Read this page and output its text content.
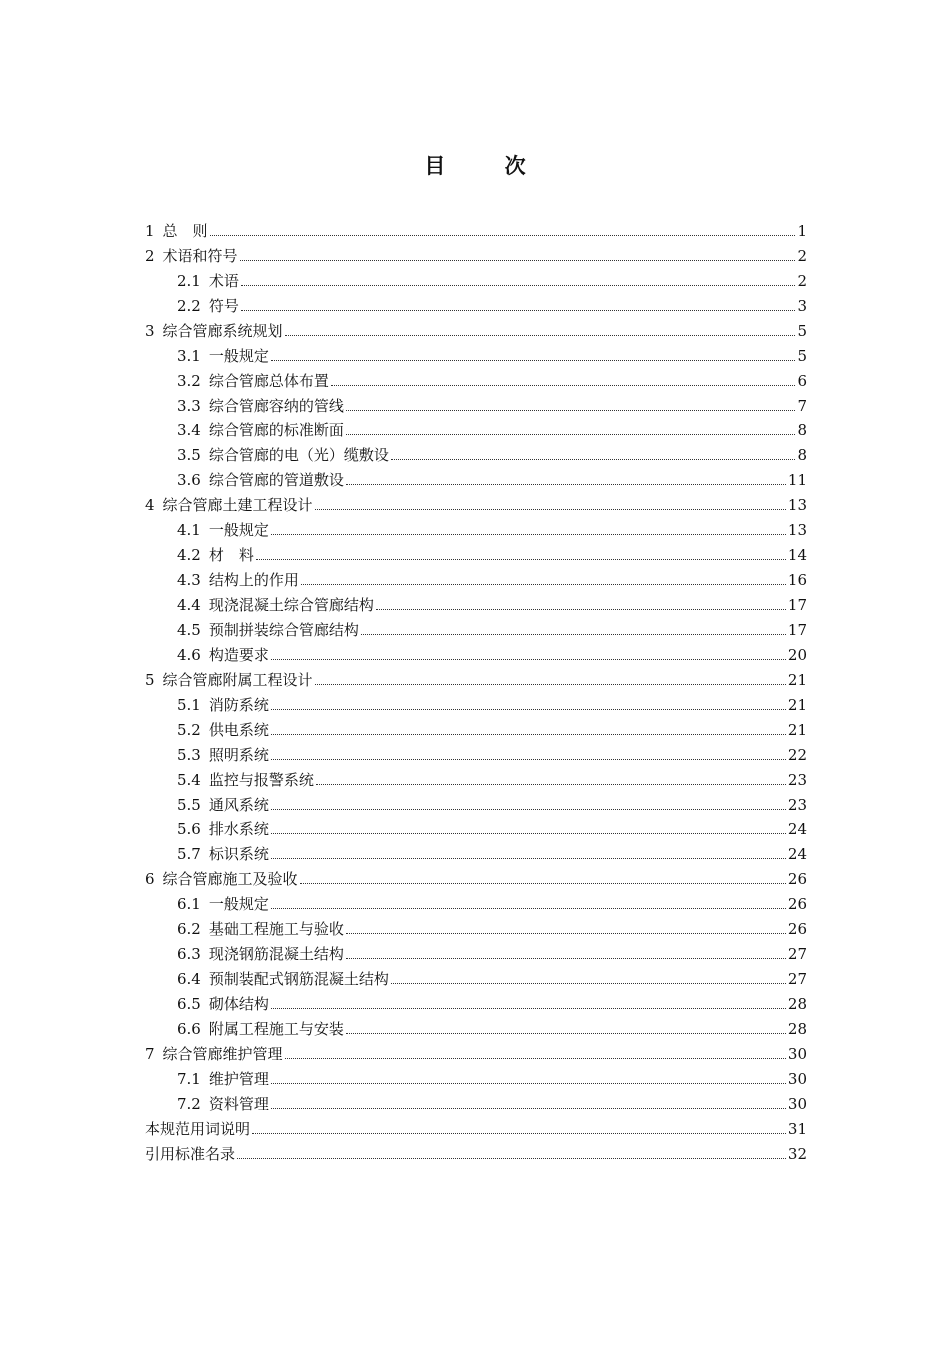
目 次
1 总　则	1
2 术语和符号	2
2.1 术语	2
2.2 符号	3
3 综合管廊系统规划	5
3.1 一般规定	5
3.2 综合管廊总体布置	6
3.3 综合管廊容纳的管线	7
3.4 综合管廊的标准断面	8
3.5 综合管廊的电（光）缆敷设	8
3.6 综合管廊的管道敷设	11
4 综合管廊土建工程设计	13
4.1 一般规定	13
4.2 材　料	14
4.3 结构上的作用	16
4.4 现浇混凝土综合管廊结构	17
4.5 预制拼装综合管廊结构	17
4.6 构造要求	20
5 综合管廊附属工程设计	21
5.1 消防系统	21
5.2 供电系统	21
5.3 照明系统	22
5.4 监控与报警系统	23
5.5 通风系统	23
5.6 排水系统	24
5.7 标识系统	24
6 综合管廊施工及验收	26
6.1 一般规定	26
6.2 基础工程施工与验收	26
6.3 现浇钢筋混凝土结构	27
6.4 预制装配式钢筋混凝土结构	27
6.5 砌体结构	28
6.6 附属工程施工与安装	28
7 综合管廊维护管理	30
7.1 维护管理	30
7.2 资料管理	30
本规范用词说明	31
引用标准名录	32
